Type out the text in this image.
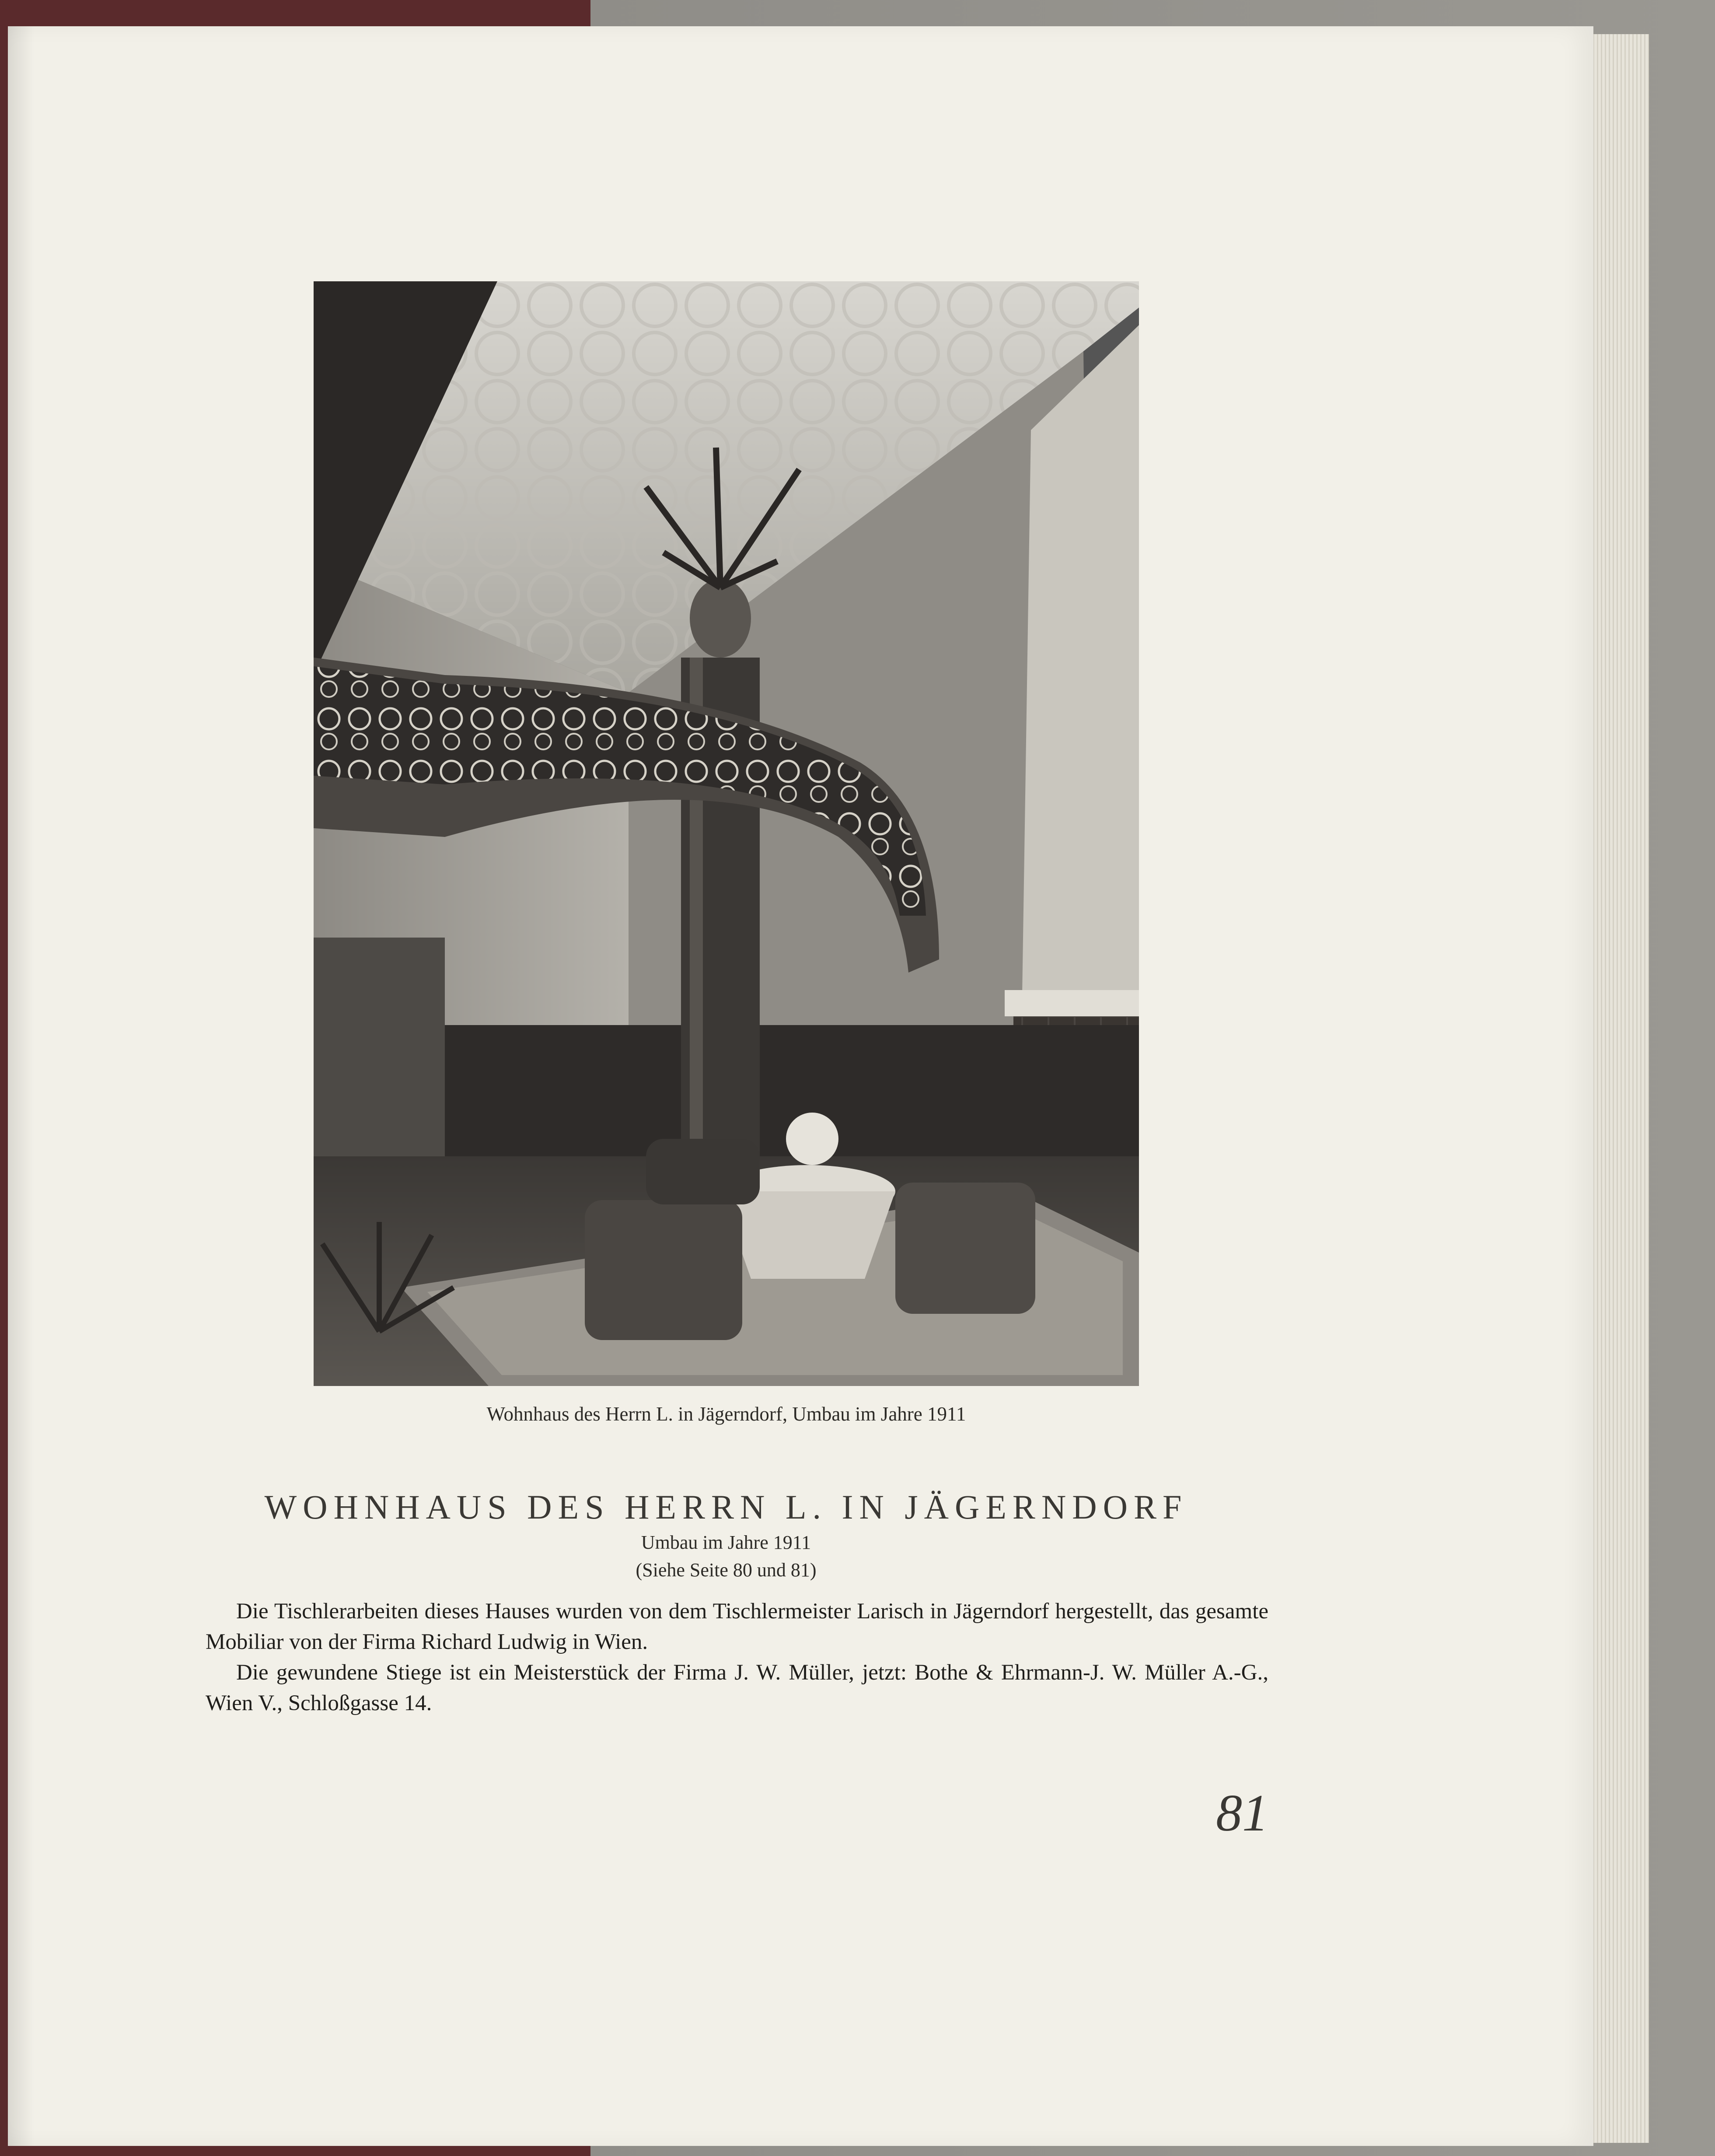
Wohnhaus des Herrn L. in Jägerndorf, Umbau im Jahre 1911
WOHNHAUS DES HERRN L. IN JÄGERNDORF
Umbau im Jahre 1911
(Siehe Seite 80 und 81)

Die Tischlerarbeiten dieses Hauses wurden von dem Tischlermeister Larisch in Jägerndorf hergestellt, das gesamte Mobiliar von der Firma Richard Ludwig in Wien.

Die gewundene Stiege ist ein Meisterstück der Firma J. W. Müller, jetzt: Bothe & Ehrmann-J. W. Müller A.-G., Wien V., Schloßgasse 14.

81
